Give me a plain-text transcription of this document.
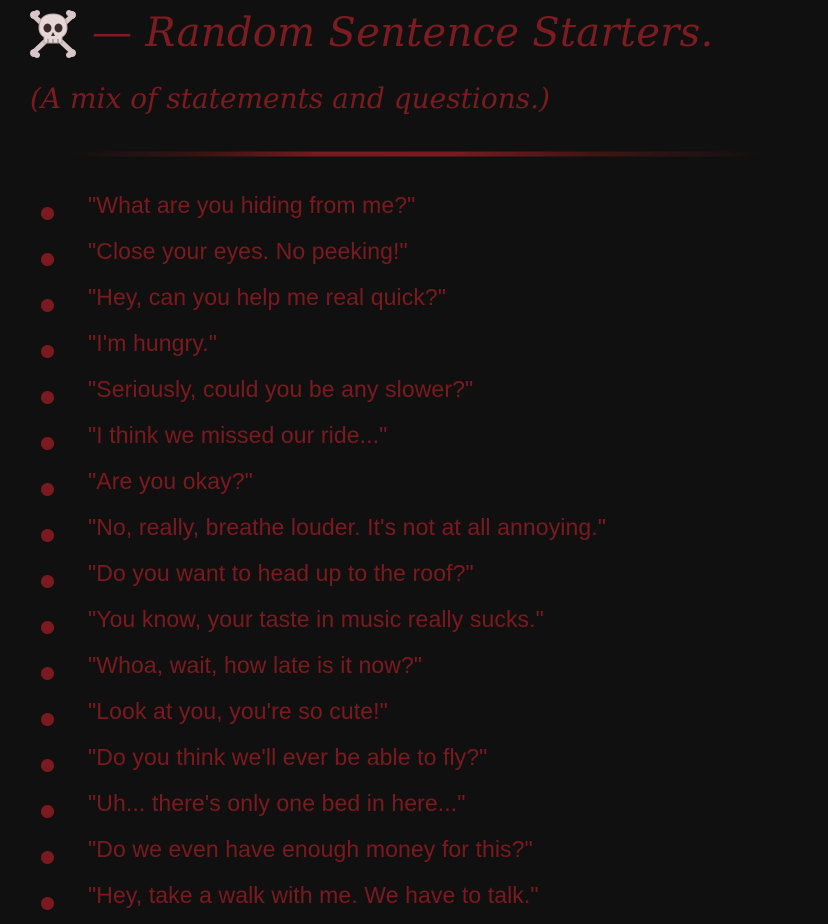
— Random Sentence Starters.
(A mix of statements and questions.)
"What are you hiding from me?"
"Close your eyes. No peeking!"
"Hey, can you help me real quick?"
"I'm hungry."
"Seriously, could you be any slower?"
"I think we missed our ride..."
"Are you okay?"
"No, really, breathe louder. It's not at all annoying."
"Do you want to head up to the roof?"
"You know, your taste in music really sucks."
"Whoa, wait, how late is it now?"
"Look at you, you're so cute!"
"Do you think we'll ever be able to fly?"
"Uh... there's only one bed in here..."
"Do we even have enough money for this?"
"Hey, take a walk with me. We have to talk."
